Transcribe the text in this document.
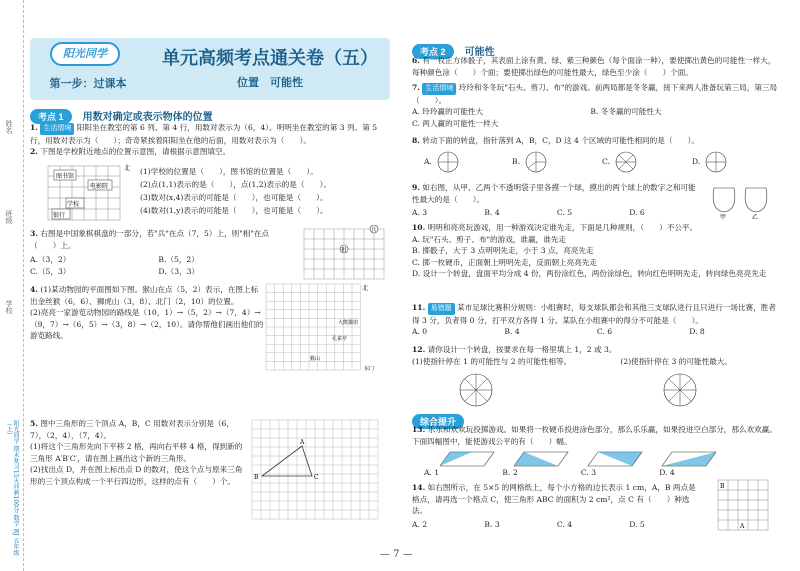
姓名
班级
学校
阳光同学 期末复习15天冲刺100分 数学 RJ 五年级（上）
阳光同学
第一步：过课本
单元高频考点通关卷（五）
位置　可能性
考点 1 用数对确定或表示物体的位置
1. 生活情境 阳阳坐在教室的第 6 列、第 4 行，用数对表示为（6，4）。明明坐在教室的第 3 列、第 5 行，用数对表示为（　　）；奇奇紧挨着阳阳坐在他的后面，用数对表示为（　　）。
2. 下图是学校附近地点的位置示意图，请根据示意图填空。
图书馆
电影院
学校
银行
北 (1)学校的位置是（　　），图书馆的位置是（　　）。
(2)点(1,1)表示的是（　　），点(1,2)表示的是（　　）。
(3)数对(x,4)表示的可能是（　　），也可能是（　　）。
(4)数对(1,y)表示的可能是（　　），也可能是（　　）。
3. 右图是中国象棋棋盘的一部分，若"兵"在点（7，5）上，则"相"在点（　　）上。
A.（3，2）	B.（5，2）
C.（5，3）	D.（3，3）
兵
相
4. (1)某动物园的平面图如下图。猴山在点（5，2）表示，在图上标出金丝猴（6，6）、狮虎山（3，8）、北门（2，10）的位置。
(2)亮亮一家游览动物园的路线是（10，1）→（5，2）→（7，4）→（9，7）→（6，5）→（3，8）→（2，10）。请你帮他们画出他们的游览路线。
北
大熊猫馆
孔雀亭
猴山
东门
5. 图中三角形的三个顶点 A，B，C 用数对表示分别是（6，7），（2，4），（7，4）。
(1)将这个三角形先向下平移 2 格，再向右平移 4 格，得到新的三角形 A′B′C′，请在图上画出这个新的三角形。
(2)找出点 D，并在图上标出点 D 的数对，使这个点与原来三角形的三个顶点构成一个平行四边形，这样的点有（　　）个。
A
B	C
考点 2 可能性
6. 有一枚正方体骰子，其表面上涂有黄、绿、紫三种颜色（每个面涂一种），要使掷出黄色的可能性一样大，每种颜色涂（　　）个面；要使掷出绿色的可能性最大，绿色至少涂（　　）个面。
7. 生活情境 玲玲和冬冬玩"石头、剪刀、布"的游戏。前两局都是冬冬赢，接下来两人准备玩第三局，第三局（　　）。
A. 玲玲赢的可能性大	B. 冬冬赢的可能性大
C. 两人赢的可能性一样大
8. 转动下面的转盘，指针落到 A，B，C，D 这 4 个区域的可能性相同的是（　　）。
A.	B.	C.	D.
9. 如右图，从甲、乙两个不透明袋子里各摸一个球，摸出的两个球上的数字之和可能性最大的是（　　）。
A. 3	B. 4	C. 5	D. 6
甲	乙
10. 明明和亮亮玩游戏，用一种游戏决定谁先走，下面是几种规则，（　　）不公平。
A. 玩"石头、剪子、布"的游戏，谁赢，谁先走
B. 掷骰子，大于 3 点明明先走，小于 3 点，亮亮先走
C. 掷一枚硬币，正面朝上明明先走，反面朝上亮亮先走
D. 设计一个转盘，盘面平均分成 4 份，两份涂红色，两份涂绿色，转向红色明明先走，转向绿色亮亮先走
11. 易错题 某市足球比赛积分规则：小组赛时，每支球队都会和其他三支球队进行且只进行一场比赛，胜者得 3 分，负者得 0 分，打平双方各得 1 分。某队在小组赛中的得分不可能是（　　）。
A. 0	B. 4	C. 6	D. 8
12. 请你设计一个转盘，按要求在每一格里填上 1，2 或 3。
(1)使指针停在 1 的可能性与 2 的可能性相等。	(2)使指针停在 3 的可能性最大。
综合提升
13. 乐乐和欢欢玩投掷游戏。如果将一枚硬币投进涂色部分，那么乐乐赢，如果投进空白部分，那么欢欢赢。下面四幅图中，能使游戏公平的有（　　）幅。
A. 1	B. 2	C. 3	D. 4
14. 如右图所示，在 5×5 的网格纸上，每个小方格的边长表示 1 cm，A，B 两点是格点，请再选一个格点 C，使三角形 ABC 的面积为 2 cm²，点 C 有（　　）种选法。
A. 2	B. 3	C. 4	D. 5
B
A
— 7 —
